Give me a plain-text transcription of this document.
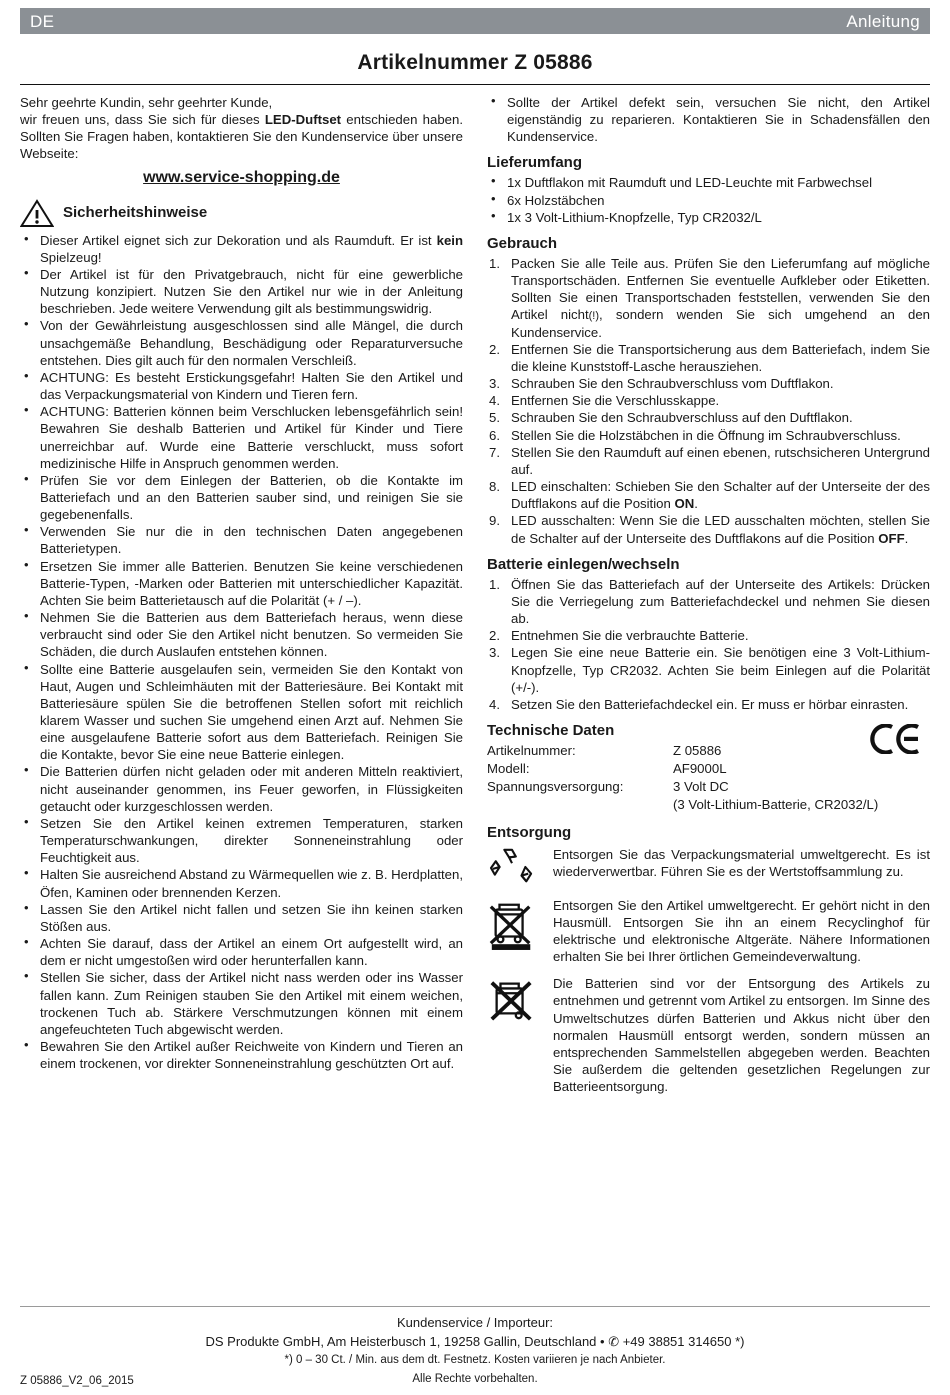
DE	Anleitung
Artikelnummer Z 05886

Sehr geehrte Kundin, sehr geehrter Kunde,

wir freuen uns, dass Sie sich für dieses LED-Duftset entschieden haben. Sollten Sie Fragen haben, kontaktieren Sie den Kundenservice über unsere Webseite:

www.service-shopping.de
Sicherheitshinweise
• Dieser Artikel eignet sich zur Dekoration und als Raumduft. Er ist kein Spielzeug!
• Der Artikel ist für den Privatgebrauch, nicht für eine gewerbliche Nutzung konzipiert. Nutzen Sie den Artikel nur wie in der Anleitung beschrieben. Jede weitere Verwendung gilt als bestimmungswidrig.
• Von der Gewährleistung ausgeschlossen sind alle Mängel, die durch unsachgemäße Behandlung, Beschädigung oder Reparaturversuche entstehen. Dies gilt auch für den normalen Verschleiß.
• ACHTUNG: Es besteht Erstickungsgefahr! Halten Sie den Artikel und das Verpackungsmaterial von Kindern und Tieren fern.
• ACHTUNG: Batterien können beim Verschlucken lebensgefährlich sein! Bewahren Sie deshalb Batterien und Artikel für Kinder und Tiere unerreichbar auf. Wurde eine Batterie verschluckt, muss sofort medizinische Hilfe in Anspruch genommen werden.
• Prüfen Sie vor dem Einlegen der Batterien, ob die Kontakte im Batteriefach und an den Batterien sauber sind, und reinigen Sie sie gegebenenfalls.
• Verwenden Sie nur die in den technischen Daten angegebenen Batterietypen.
• Ersetzen Sie immer alle Batterien. Benutzen Sie keine verschiedenen Batterie-Typen, -Marken oder Batterien mit unterschiedlicher Kapazität. Achten Sie beim Batterietausch auf die Polarität (+ / –).
• Nehmen Sie die Batterien aus dem Batteriefach heraus, wenn diese verbraucht sind oder Sie den Artikel nicht benutzen. So vermeiden Sie Schäden, die durch Auslaufen entstehen können.
• Sollte eine Batterie ausgelaufen sein, vermeiden Sie den Kontakt von Haut, Augen und Schleimhäuten mit der Batteriesäure. Bei Kontakt mit Batteriesäure spülen Sie die betroffenen Stellen sofort mit reichlich klarem Wasser und suchen Sie umgehend einen Arzt auf. Nehmen Sie eine ausgelaufene Batterie sofort aus dem Batteriefach. Reinigen Sie die Kontakte, bevor Sie eine neue Batterie einlegen.
• Die Batterien dürfen nicht geladen oder mit anderen Mitteln reaktiviert, nicht auseinander genommen, ins Feuer geworfen, in Flüssigkeiten getaucht oder kurzgeschlossen werden.
• Setzen Sie den Artikel keinen extremen Temperaturen, starken Temperaturschwankungen, direkter Sonneneinstrahlung oder Feuchtigkeit aus.
• Halten Sie ausreichend Abstand zu Wärmequellen wie z. B. Herdplatten, Öfen, Kaminen oder brennenden Kerzen.
• Lassen Sie den Artikel nicht fallen und setzen Sie ihn keinen starken Stößen aus.
• Achten Sie darauf, dass der Artikel an einem Ort aufgestellt wird, an dem er nicht umgestoßen wird oder herunterfallen kann.
• Stellen Sie sicher, dass der Artikel nicht nass werden oder ins Wasser fallen kann. Zum Reinigen stauben Sie den Artikel mit einem weichen, trockenen Tuch ab. Stärkere Verschmutzungen können mit einem angefeuchteten Tuch abgewischt werden.
• Bewahren Sie den Artikel außer Reichweite von Kindern und Tieren an einem trockenen, vor direkter Sonneneinstrahlung geschützten Ort auf.
• Sollte der Artikel defekt sein, versuchen Sie nicht, den Artikel eigenständig zu reparieren. Kontaktieren Sie in Schadensfällen den Kundenservice.
Lieferumfang
• 1x Duftflakon mit Raumduft und LED-Leuchte mit Farbwechsel
• 6x Holzstäbchen
• 1x 3 Volt-Lithium-Knopfzelle, Typ CR2032/L
Gebrauch
Packen Sie alle Teile aus. Prüfen Sie den Lieferumfang auf mögliche Transportschäden. Entfernen Sie eventuelle Aufkleber oder Etiketten. Sollten Sie einen Transportschaden feststellen, verwenden Sie den Artikel nicht(!), sondern wenden Sie sich umgehend an den Kundenservice.
Entfernen Sie die Transportsicherung aus dem Batteriefach, indem Sie die kleine Kunststoff-Lasche herausziehen.
Schrauben Sie den Schraubverschluss vom Duftflakon.
Entfernen Sie die Verschlusskappe.
Schrauben Sie den Schraubverschluss auf den Duftflakon.
Stellen Sie die Holzstäbchen in die Öffnung im Schraubverschluss.
Stellen Sie den Raumduft auf einen ebenen, rutschsicheren Untergrund auf.
LED einschalten: Schieben Sie den Schalter auf der Unterseite der des Duftflakons auf die Position ON.
LED ausschalten: Wenn Sie die LED ausschalten möchten, stellen Sie de Schalter auf der Unterseite des Duftflakons auf die Position OFF.
Batterie einlegen/wechseln
Öffnen Sie das Batteriefach auf der Unterseite des Artikels: Drücken Sie die Verriegelung zum Batteriefachdeckel und nehmen Sie diesen ab.
Entnehmen Sie die verbrauchte Batterie.
Legen Sie eine neue Batterie ein. Sie benötigen eine 3 Volt-Lithium-Knopfzelle, Typ CR2032. Achten Sie beim Einlegen auf die Polarität (+/-).
Setzen Sie den Batteriefachdeckel ein. Er muss er hörbar einrasten.
Technische Daten
Artikelnummer:	Z 05886
Modell:	AF9000L
Spannungsversorgung:	3 Volt DC
	(3 Volt-Lithium-Batterie, CR2032/L)
Entsorgung

Entsorgen Sie das Verpackungsmaterial umweltgerecht. Es ist wiederverwertbar. Führen Sie es der Wertstoffsammlung zu.

Entsorgen Sie den Artikel umweltgerecht. Er gehört nicht in den Hausmüll. Entsorgen Sie ihn an einem Recyclinghof für elektrische und elektronische Altgeräte. Nähere Informationen erhalten Sie bei Ihrer örtlichen Gemeindeverwaltung.

Die Batterien sind vor der Entsorgung des Artikels zu entnehmen und getrennt vom Artikel zu entsorgen. Im Sinne des Umweltschutzes dürfen Batterien und Akkus nicht über den normalen Hausmüll entsorgt werden, sondern müssen an entsprechenden Sammelstellen abgegeben werden. Beachten Sie außerdem die geltenden gesetzlichen Regelungen zur Batterieentsorgung.

Kundenservice / Importeur:
DS Produkte GmbH, Am Heisterbusch 1, 19258 Gallin, Deutschland • ✆ +49 38851 314650 *)
*) 0 – 30 Ct. / Min. aus dem dt. Festnetz. Kosten variieren je nach Anbieter.
Alle Rechte vorbehalten.
Z 05886_V2_06_2015
